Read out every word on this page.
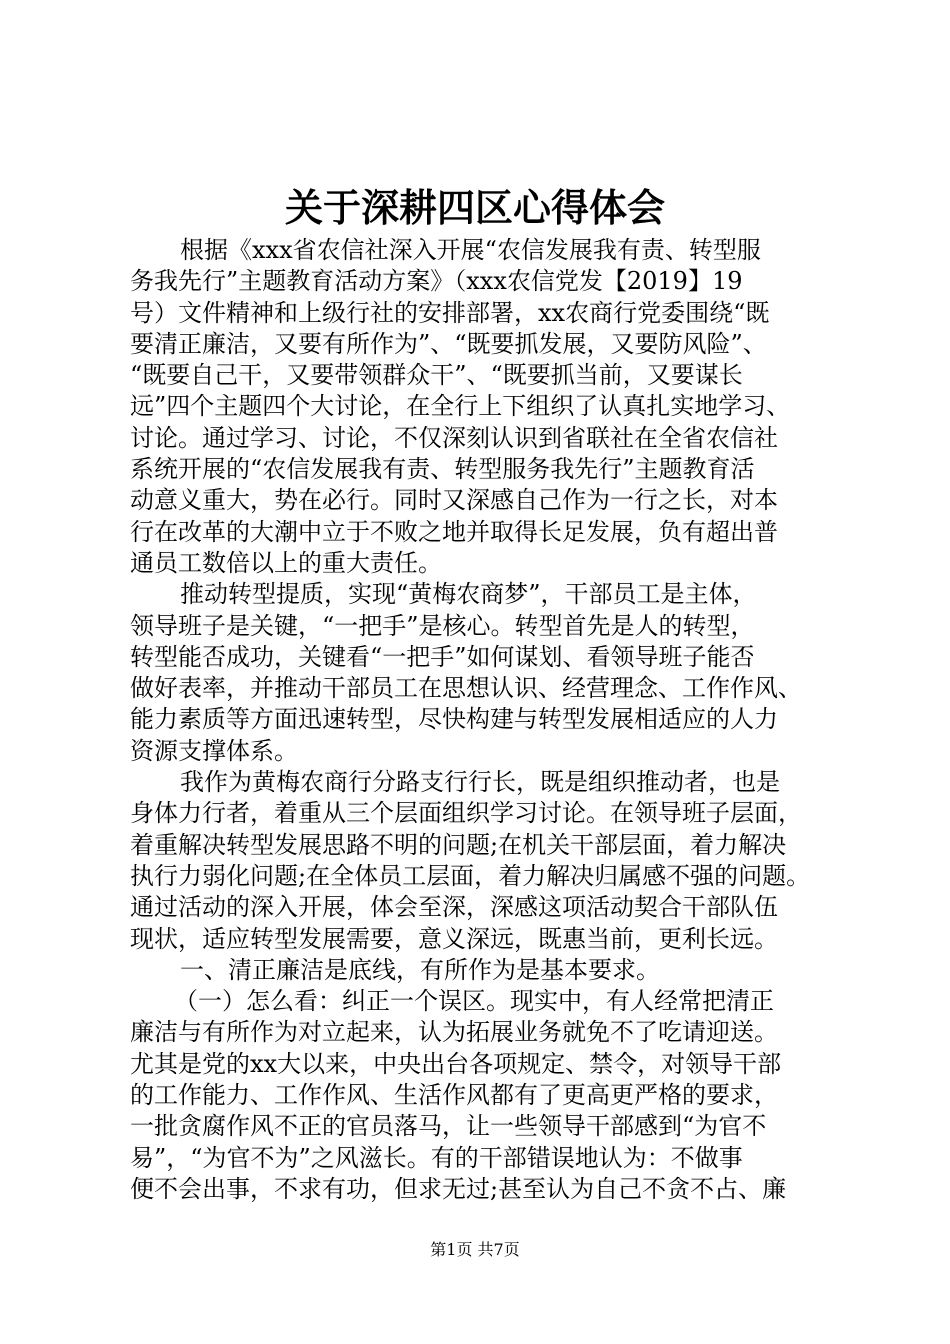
关于深耕四区心得体会
根据《xxx省农信社深入开展“农信发展我有责、转型服
务我先行”主题教育活动方案》（xxx农信党发【2019】19
号）文件精神和上级行社的安排部署，xx农商行党委围绕“既
要清正廉洁，又要有所作为”、“既要抓发展，又要防风险”、
“既要自己干，又要带领群众干”、“既要抓当前，又要谋长
远”四个主题四个大讨论，在全行上下组织了认真扎实地学习、
讨论。通过学习、讨论，不仅深刻认识到省联社在全省农信社
系统开展的“农信发展我有责、转型服务我先行”主题教育活
动意义重大，势在必行。同时又深感自己作为一行之长，对本
行在改革的大潮中立于不败之地并取得长足发展，负有超出普
通员工数倍以上的重大责任。
推动转型提质，实现“黄梅农商梦”，干部员工是主体，
领导班子是关键，“一把手”是核心。转型首先是人的转型，
转型能否成功，关键看“一把手”如何谋划、看领导班子能否
做好表率，并推动干部员工在思想认识、经营理念、工作作风、
能力素质等方面迅速转型，尽快构建与转型发展相适应的人力
资源支撑体系。
我作为黄梅农商行分路支行行长，既是组织推动者，也是
身体力行者，着重从三个层面组织学习讨论。在领导班子层面，
着重解决转型发展思路不明的问题;在机关干部层面，着力解决
执行力弱化问题;在全体员工层面，着力解决归属感不强的问题。
通过活动的深入开展，体会至深，深感这项活动契合干部队伍
现状，适应转型发展需要，意义深远，既惠当前，更利长远。
一、清正廉洁是底线，有所作为是基本要求。
（一）怎么看：纠正一个误区。现实中，有人经常把清正
廉洁与有所作为对立起来，认为拓展业务就免不了吃请迎送。
尤其是党的xx大以来，中央出台各项规定、禁令，对领导干部
的工作能力、工作作风、生活作风都有了更高更严格的要求，
一批贪腐作风不正的官员落马，让一些领导干部感到“为官不
易”，“为官不为”之风滋长。有的干部错误地认为：不做事
便不会出事，不求有功，但求无过;甚至认为自己不贪不占、廉
第1页 共7页
